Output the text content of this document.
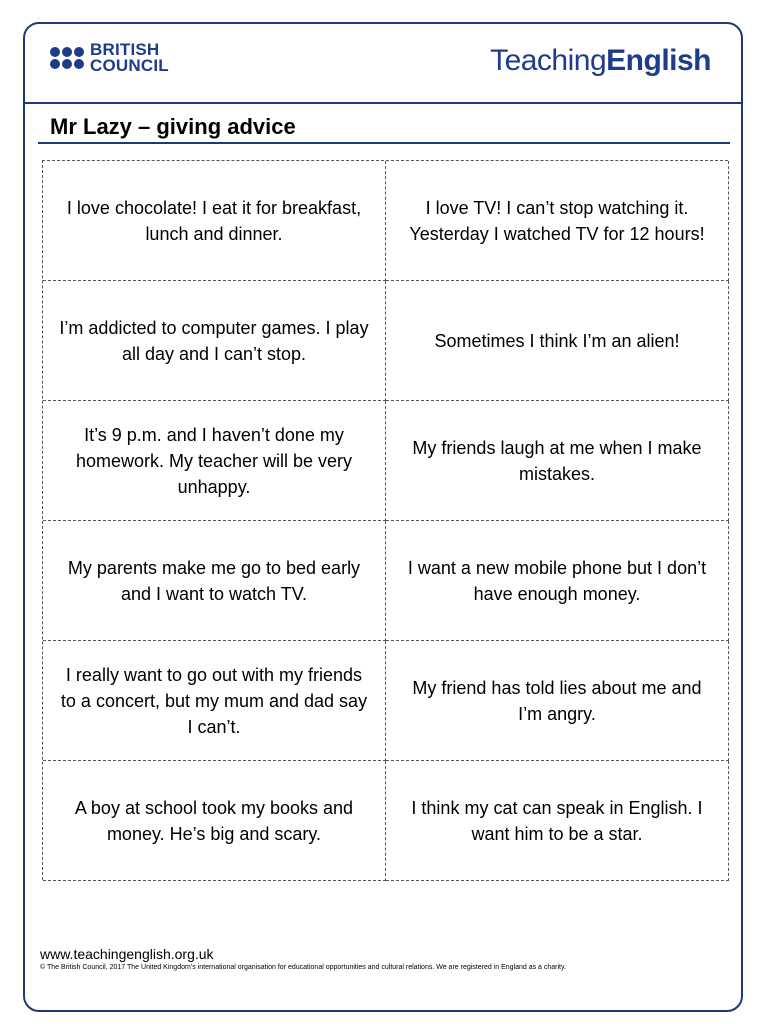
BRITISH
COUNCIL	TeachingEnglish
Mr Lazy – giving advice
I love chocolate! I eat it for breakfast, lunch and dinner.
I love TV! I can’t stop watching it. Yesterday I watched TV for 12 hours!
I’m addicted to computer games. I play all day and I can’t stop.
Sometimes I think I’m an alien!
It’s 9 p.m. and I haven’t done my homework. My teacher will be very unhappy.
My friends laugh at me when I make mistakes.
My parents make me go to bed early and I want to watch TV.
I want a new mobile phone but I don’t have enough money.
I really want to go out with my friends to a concert, but my mum and dad say I can’t.
My friend has told lies about me and I’m angry.
A boy at school took my books and money. He’s big and scary.
I think my cat can speak in English. I want him to be a star.
www.teachingenglish.org.uk
© The British Council, 2017 The United Kingdom’s international organisation for educational opportunities and cultural relations. We are registered in England as a charity.
